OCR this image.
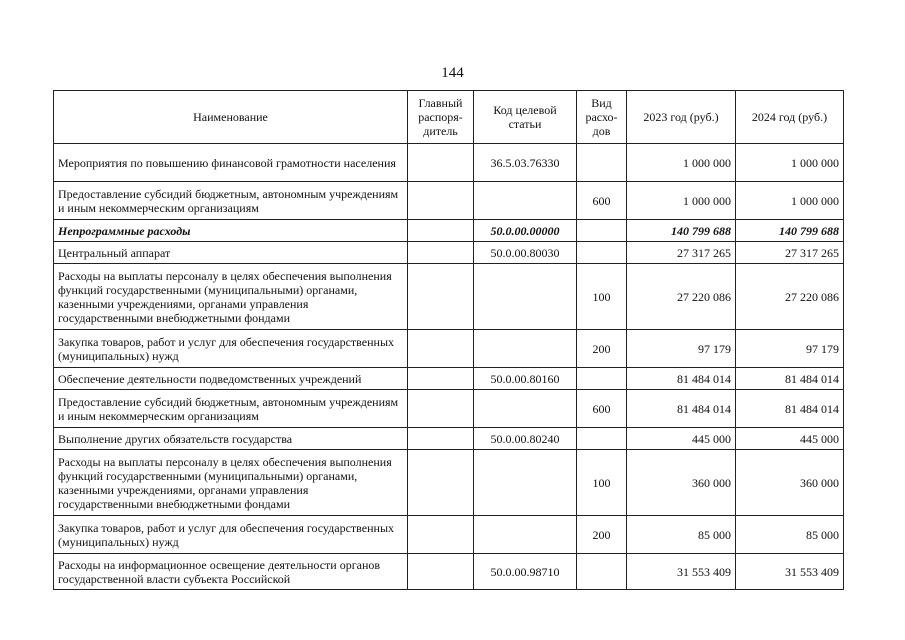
144
Наименование	Главный распоря-дитель	Код целевой статьи	Вид расхо-дов	2023 год (руб.)	2024 год (руб.)
Мероприятия по повышению финансовой грамотности населения		36.5.03.76330		1 000 000	1 000 000
Предоставление субсидий бюджетным, автономным учреждениям и иным некоммерческим организациям			600	1 000 000	1 000 000
Непрограммные расходы		50.0.00.00000		140 799 688	140 799 688
Центральный аппарат		50.0.00.80030		27 317 265	27 317 265
Расходы на выплаты персоналу в целях обеспечения выполнения функций государственными (муниципальными) органами, казенными учреждениями, органами управления государственными внебюджетными фондами			100	27 220 086	27 220 086
Закупка товаров, работ и услуг для обеспечения государственных (муниципальных) нужд			200	97 179	97 179
Обеспечение деятельности подведомственных учреждений		50.0.00.80160		81 484 014	81 484 014
Предоставление субсидий бюджетным, автономным учреждениям и иным некоммерческим организациям			600	81 484 014	81 484 014
Выполнение других обязательств государства		50.0.00.80240		445 000	445 000
Расходы на выплаты персоналу в целях обеспечения выполнения функций государственными (муниципальными) органами, казенными учреждениями, органами управления государственными внебюджетными фондами			100	360 000	360 000
Закупка товаров, работ и услуг для обеспечения государственных (муниципальных) нужд			200	85 000	85 000
Расходы на информационное освещение деятельности органов государственной власти субъекта Российской		50.0.00.98710		31 553 409	31 553 409
